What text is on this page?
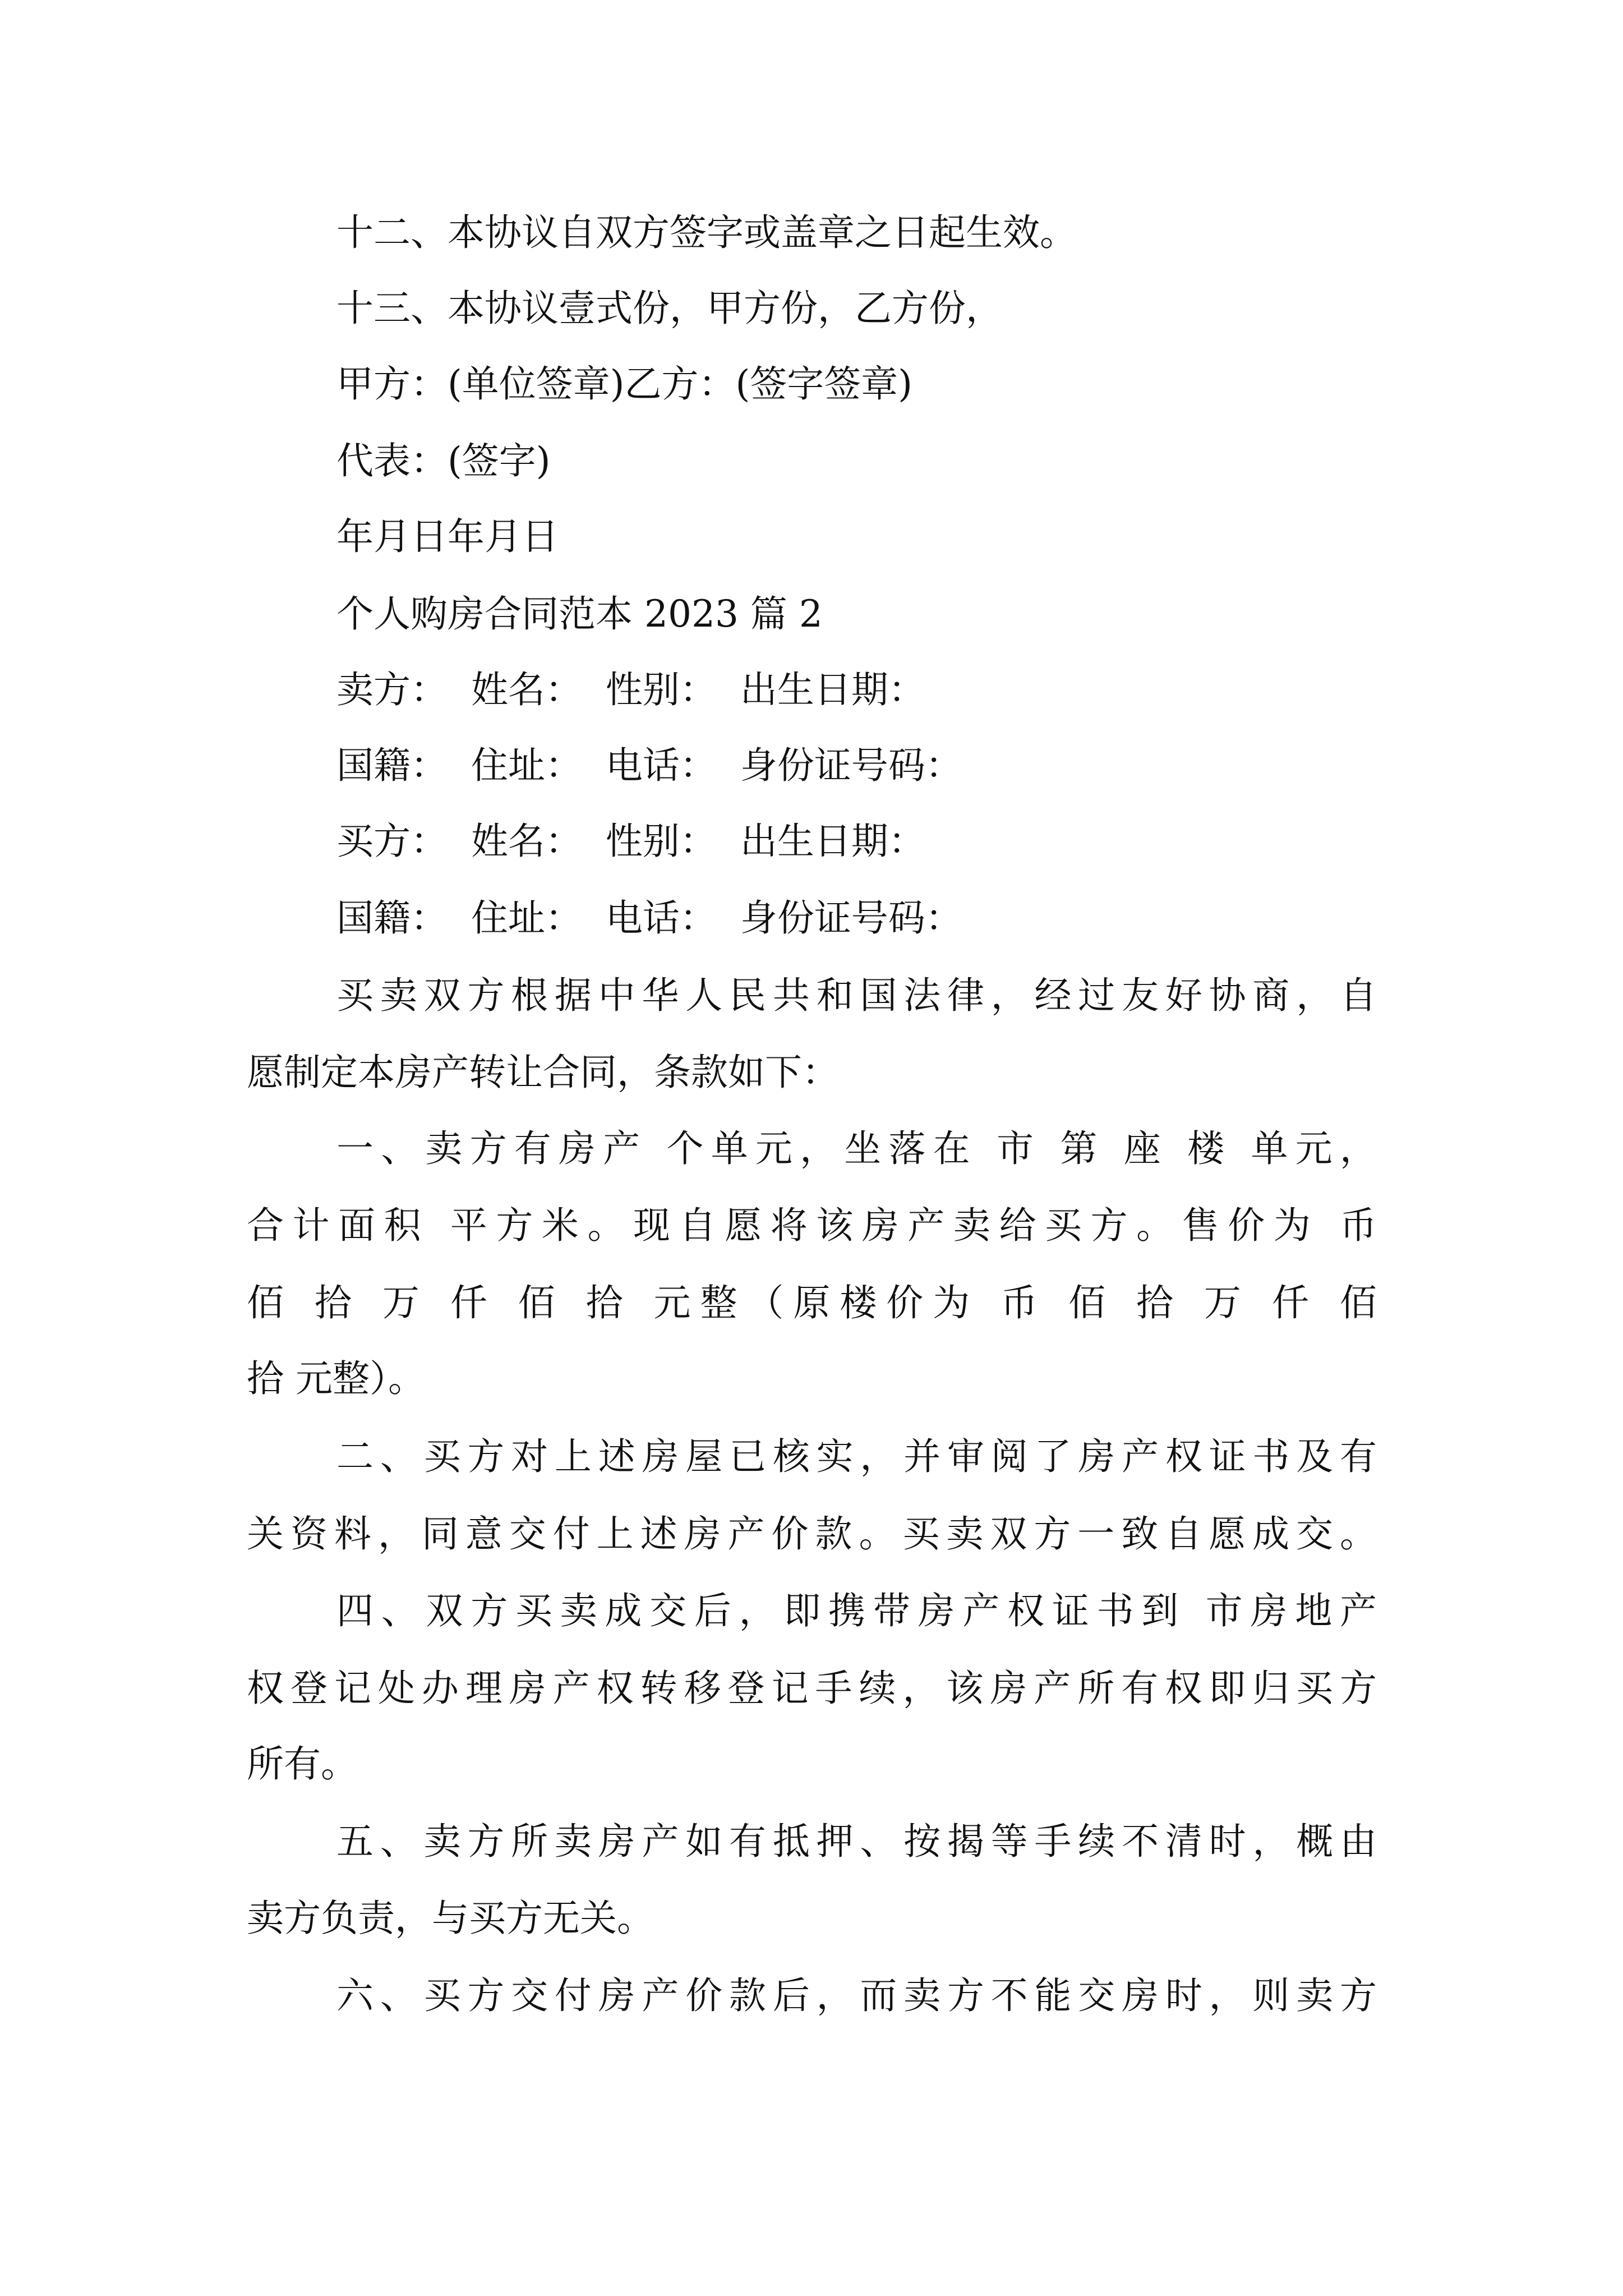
十二、本协议自双方签字或盖章之日起生效。
十三、本协议壹式份，甲方份，乙方份，
甲方：(单位签章)乙方：(签字签章)
代表：(签字)
年月日年月日
个人购房合同范本 2023 篇 2
卖方：  姓名：  性别：  出生日期：
国籍：  住址：  电话：  身份证号码：
买方：  姓名：  性别：  出生日期：
国籍：  住址：  电话：  身份证号码：
买卖双方根据中华人民共和国法律，经过友好协商，自
愿制定本房产转让合同，条款如下：
一、卖方有房产 个单元，坐落在 市 第 座 楼 单元，
合计面积 平方米。现自愿将该房产卖给买方。售价为 币
佰 拾 万 仟 佰 拾 元整（原楼价为 币 佰 拾 万 仟 佰
拾 元整）。
二、买方对上述房屋已核实，并审阅了房产权证书及有
关资料，同意交付上述房产价款。买卖双方一致自愿成交。
四、双方买卖成交后，即携带房产权证书到 市房地产
权登记处办理房产权转移登记手续，该房产所有权即归买方
所有。
五、卖方所卖房产如有抵押、按揭等手续不清时，概由
卖方负责，与买方无关。
六、买方交付房产价款后，而卖方不能交房时，则卖方
